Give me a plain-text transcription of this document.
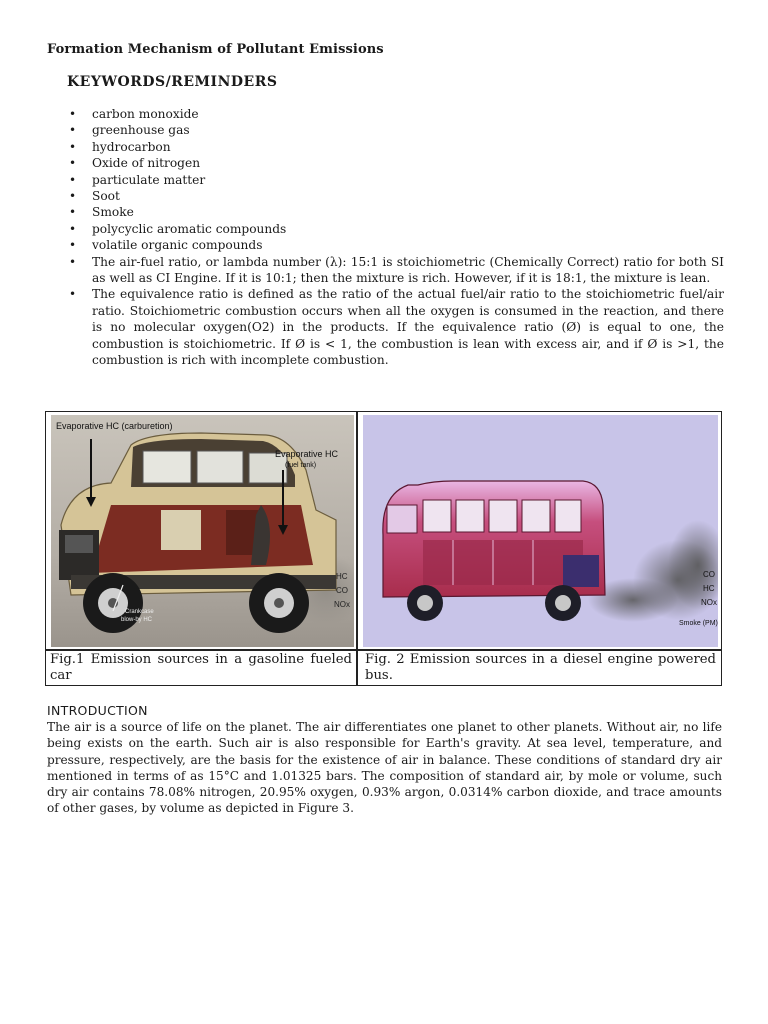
Formation Mechanism of Pollutant Emissions
KEYWORDS/REMINDERS
• carbon monoxide
• greenhouse gas
• hydrocarbon
• Oxide of nitrogen
• particulate matter
• Soot
• Smoke
• polycyclic aromatic compounds
• volatile organic compounds
• The air-fuel ratio, or lambda number (λ): 15:1 is stoichiometric (Chemically Correct) ratio for both SI as well as CI Engine. If it is 10:1; then the mixture is rich. However, if it is 18:1, the mixture is lean.
• The equivalence ratio is defined as the ratio of the actual fuel/air ratio to the stoichiometric fuel/air ratio. Stoichiometric combustion occurs when all the oxygen is consumed in the reaction, and there is no molecular oxygen(O2) in the products. If the equivalence ratio (Ø) is equal to one, the combustion is stoichiometric. If Ø is < 1, the combustion is lean with excess air, and if Ø is >1, the combustion is rich with incomplete combustion.
Evaporative HC (carburetion)
Evaporative HC
(fuel tank)
Crankcase
blow-by HC
HC
CO
NOx
Fig.1 Emission sources in a gasoline fueled car
CO
HC
NOx
Smoke (PM)
Fig. 2 Emission sources in a diesel engine powered bus.
INTRODUCTION

The air is a source of life on the planet. The air differentiates one planet to other planets. Without air, no life being exists on the earth. Such air is also responsible for Earth's gravity. At sea level, temperature, and pressure, respectively, are the basis for the existence of air in balance. These conditions of standard dry air mentioned in terms of as 15°C and 1.01325 bars. The composition of standard air, by mole or volume, such dry air contains 78.08% nitrogen, 20.95% oxygen, 0.93% argon, 0.0314% carbon dioxide, and trace amounts of other gases, by volume as depicted in Figure 3.
